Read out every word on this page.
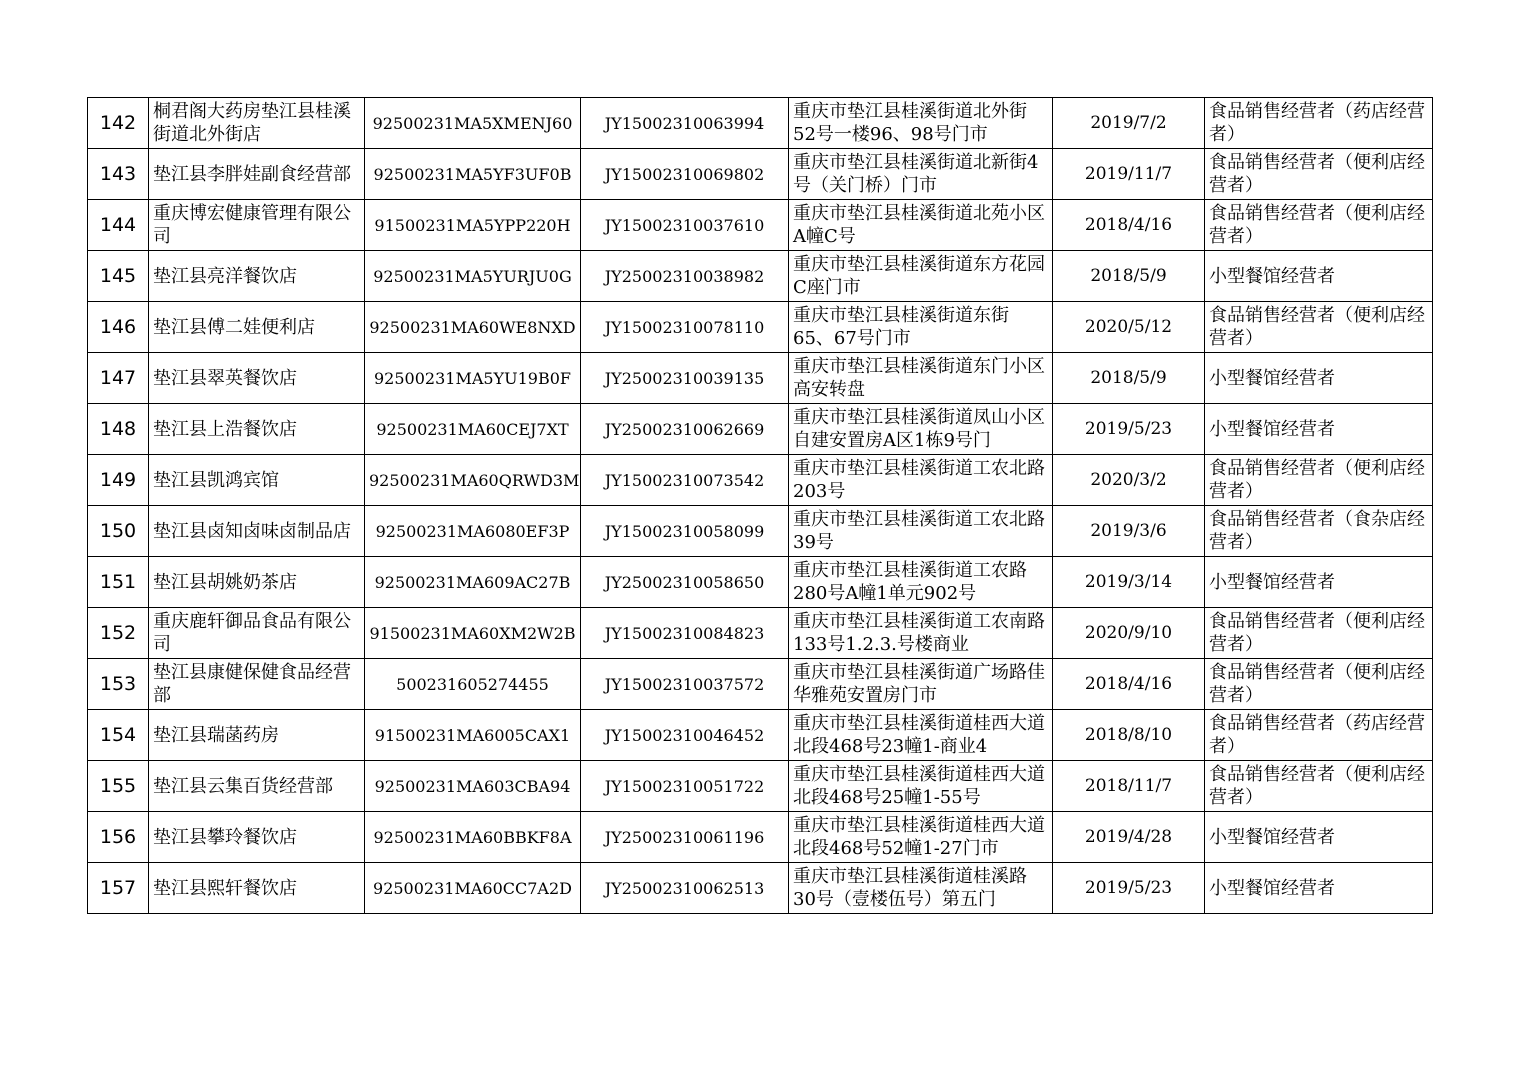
142	桐君阁大药房垫江县桂溪街道北外街店	92500231MA5XMENJ60	JY15002310063994	重庆市垫江县桂溪街道北外街52号一楼96、98号门市	2019/7/2	食品销售经营者（药店经营者）
143	垫江县李胖娃副食经营部	92500231MA5YF3UF0B	JY15002310069802	重庆市垫江县桂溪街道北新街4号（关门桥）门市	2019/11/7	食品销售经营者（便利店经营者）
144	重庆博宏健康管理有限公司	91500231MA5YPP220H	JY15002310037610	重庆市垫江县桂溪街道北苑小区A幢C号	2018/4/16	食品销售经营者（便利店经营者）
145	垫江县亮洋餐饮店	92500231MA5YURJU0G	JY25002310038982	重庆市垫江县桂溪街道东方花园C座门市	2018/5/9	小型餐馆经营者
146	垫江县傅二娃便利店	92500231MA60WE8NXD	JY15002310078110	重庆市垫江县桂溪街道东街65、67号门市	2020/5/12	食品销售经营者（便利店经营者）
147	垫江县翠英餐饮店	92500231MA5YU19B0F	JY25002310039135	重庆市垫江县桂溪街道东门小区高安转盘	2018/5/9	小型餐馆经营者
148	垫江县上浩餐饮店	92500231MA60CEJ7XT	JY25002310062669	重庆市垫江县桂溪街道凤山小区自建安置房A区1栋9号门	2019/5/23	小型餐馆经营者
149	垫江县凯鸿宾馆	92500231MA60QRWD3M	JY15002310073542	重庆市垫江县桂溪街道工农北路203号	2020/3/2	食品销售经营者（便利店经营者）
150	垫江县卤知卤味卤制品店	92500231MA6080EF3P	JY15002310058099	重庆市垫江县桂溪街道工农北路39号	2019/3/6	食品销售经营者（食杂店经营者）
151	垫江县胡姚奶茶店	92500231MA609AC27B	JY25002310058650	重庆市垫江县桂溪街道工农路280号A幢1单元902号	2019/3/14	小型餐馆经营者
152	重庆鹿轩御品食品有限公司	91500231MA60XM2W2B	JY15002310084823	重庆市垫江县桂溪街道工农南路133号1.2.3.号楼商业	2020/9/10	食品销售经营者（便利店经营者）
153	垫江县康健保健食品经营部	500231605274455	JY15002310037572	重庆市垫江县桂溪街道广场路佳华雅苑安置房门市	2018/4/16	食品销售经营者（便利店经营者）
154	垫江县瑞菡药房	91500231MA6005CAX1	JY15002310046452	重庆市垫江县桂溪街道桂西大道北段468号23幢1-商业4	2018/8/10	食品销售经营者（药店经营者）
155	垫江县云集百货经营部	92500231MA603CBA94	JY15002310051722	重庆市垫江县桂溪街道桂西大道北段468号25幢1-55号	2018/11/7	食品销售经营者（便利店经营者）
156	垫江县攀玲餐饮店	92500231MA60BBKF8A	JY25002310061196	重庆市垫江县桂溪街道桂西大道北段468号52幢1-27门市	2019/4/28	小型餐馆经营者
157	垫江县熙轩餐饮店	92500231MA60CC7A2D	JY25002310062513	重庆市垫江县桂溪街道桂溪路30号（壹楼伍号）第五门	2019/5/23	小型餐馆经营者
